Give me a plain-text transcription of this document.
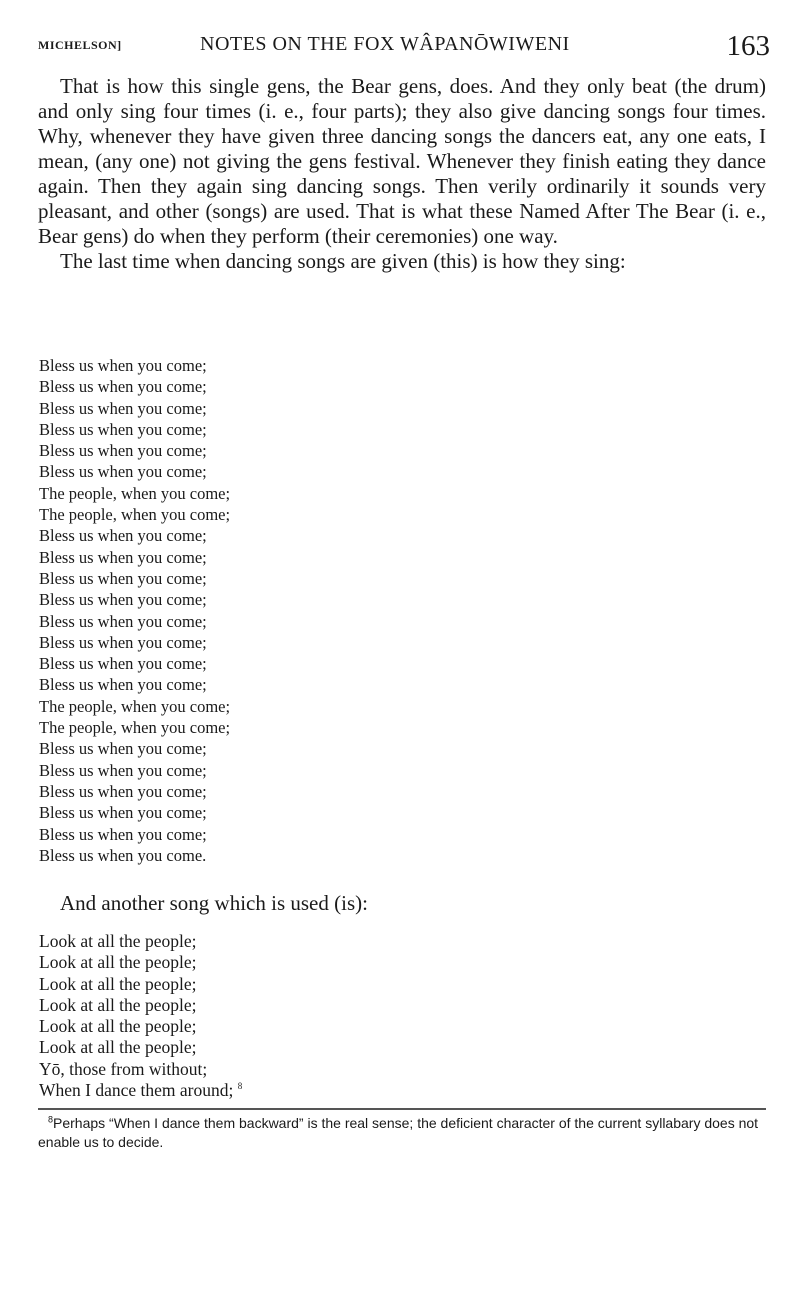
MICHELSON]	NOTES ON THE FOX WÂPANŌWIWENI	163

That is how this single gens, the Bear gens, does. And they only beat (the drum) and only sing four times (i. e., four parts); they also give dancing songs four times. Why, whenever they have given three dancing songs the dancers eat, any one eats, I mean, (any one) not giving the gens festival. Whenever they finish eating they dance again. Then they again sing dancing songs. Then verily ordinarily it sounds very pleasant, and other (songs) are used. That is what these Named After The Bear (i. e., Bear gens) do when they perform (their ceremonies) one way.

The last time when dancing songs are given (this) is how they sing:

Bless us when you come;
Bless us when you come;
Bless us when you come;
Bless us when you come;
Bless us when you come;
Bless us when you come;
The people, when you come;
The people, when you come;
Bless us when you come;
Bless us when you come;
Bless us when you come;
Bless us when you come;
Bless us when you come;
Bless us when you come;
Bless us when you come;
Bless us when you come;
The people, when you come;
The people, when you come;
Bless us when you come;
Bless us when you come;
Bless us when you come;
Bless us when you come;
Bless us when you come;
Bless us when you come.
And another song which is used (is):
Look at all the people;
Look at all the people;
Look at all the people;
Look at all the people;
Look at all the people;
Look at all the people;
Yō, those from without;
When I dance them around; $^8$
$^8$Perhaps “When I dance them backward” is the real sense; the deficient character of the current syllabary does not enable us to decide.
